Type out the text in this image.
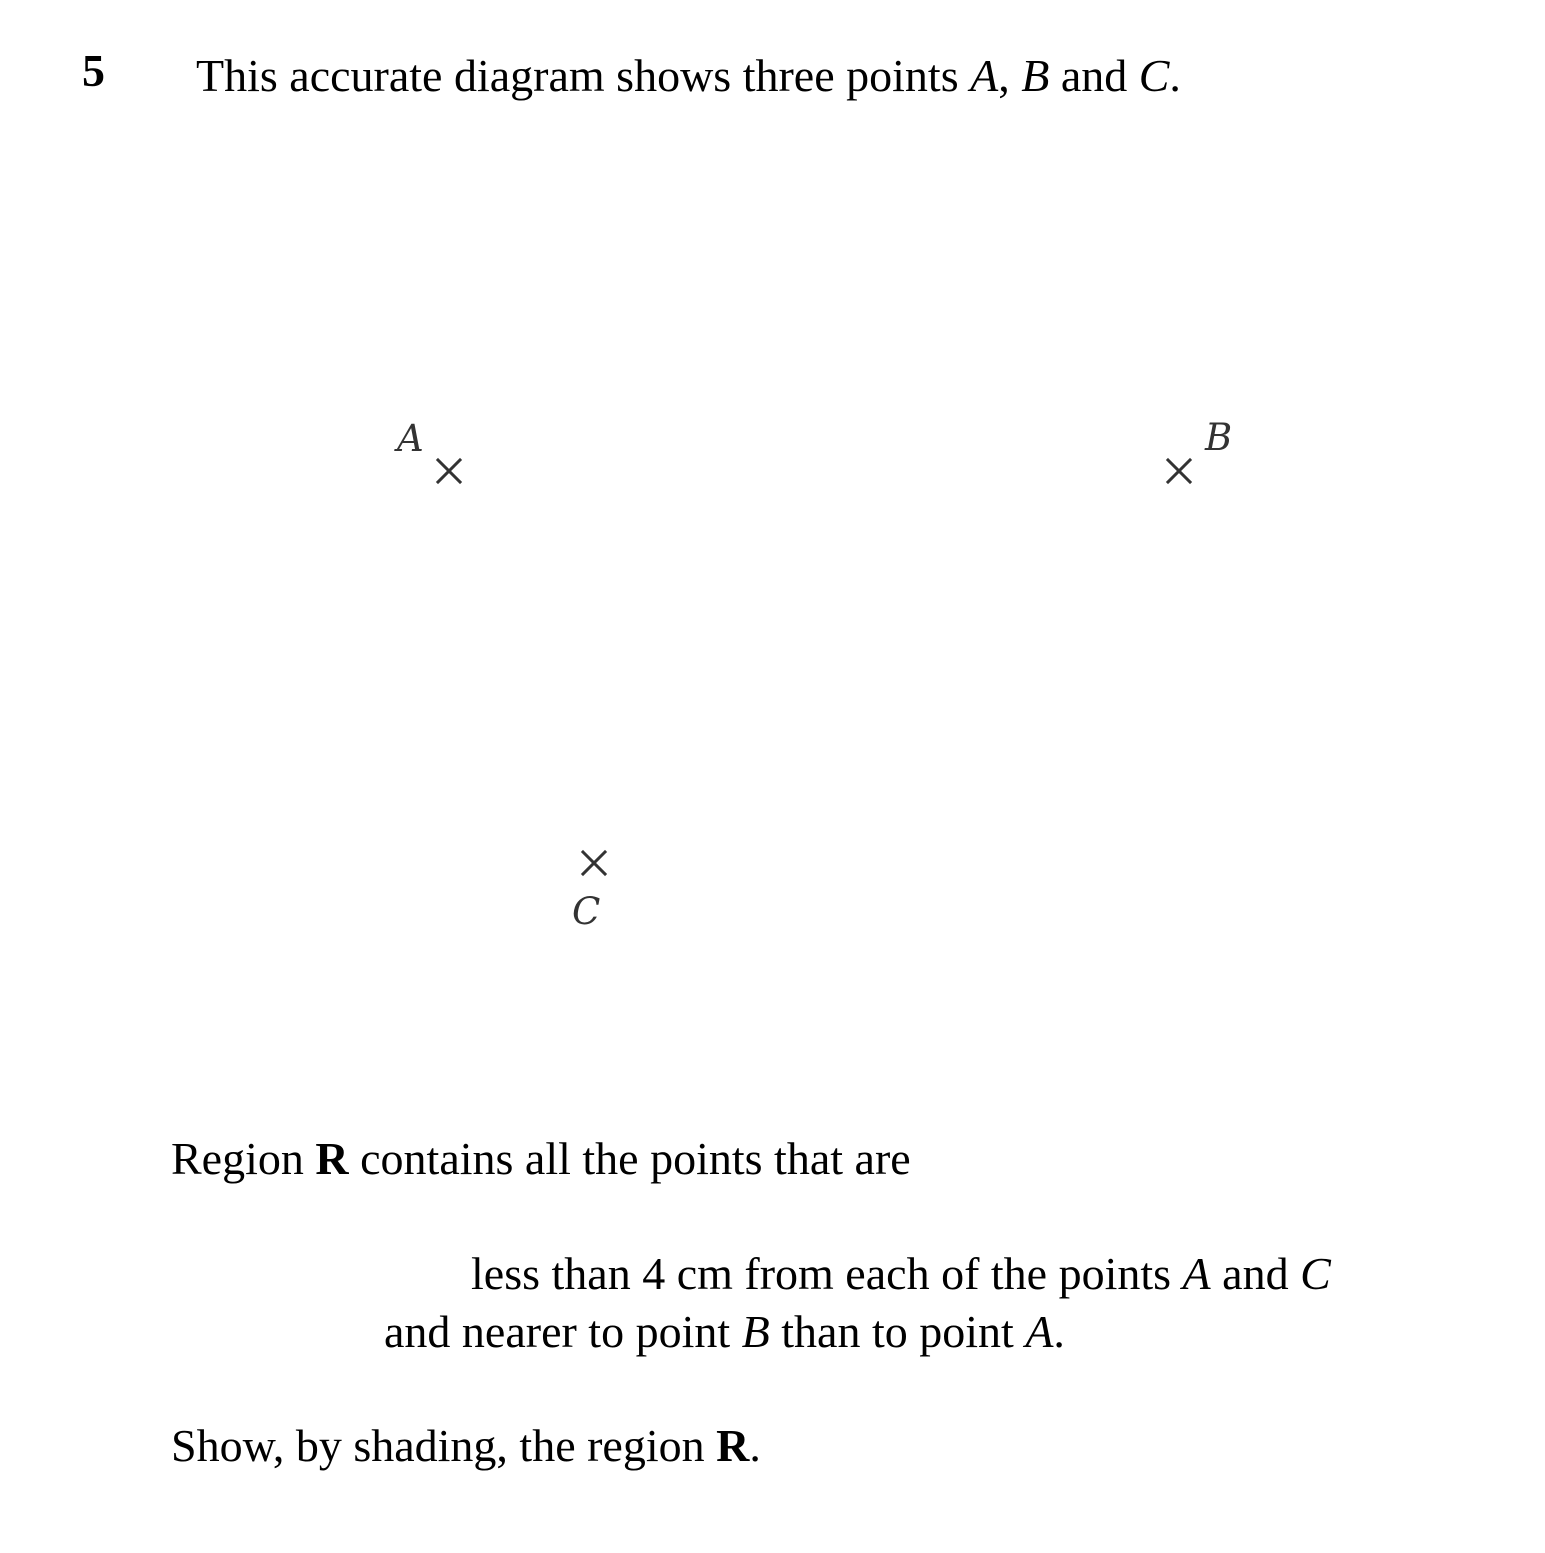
5 This accurate diagram shows three points A, B and C.
A	B
C
Region R contains all the points that are
less than 4 cm from each of the points A and C
and nearer to point B than to point A.
Show, by shading, the region R.
